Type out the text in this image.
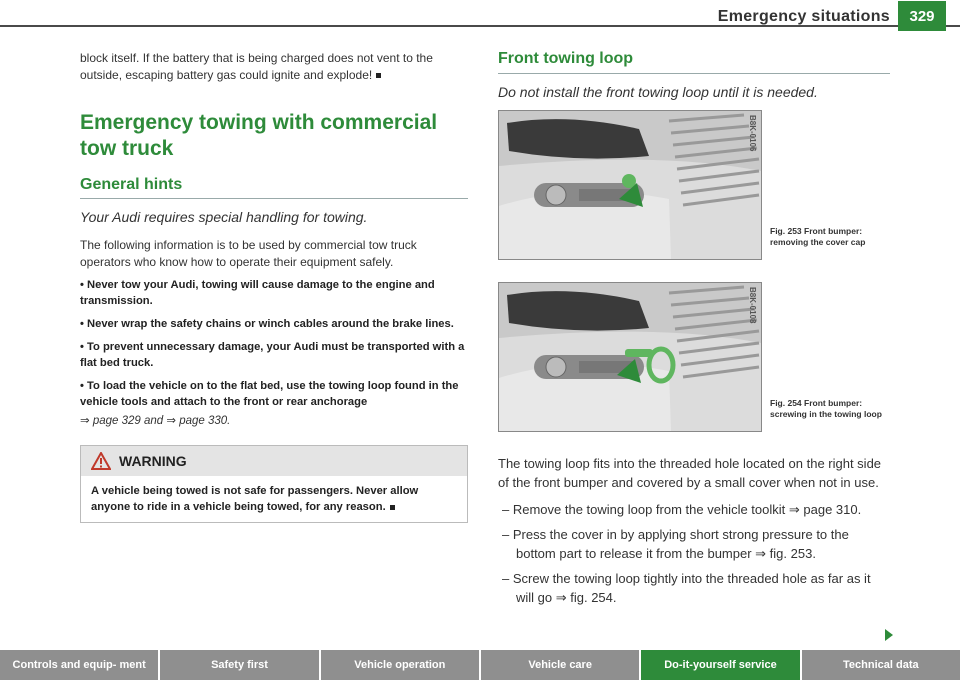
Emergency situations	329

block itself. If the battery that is being charged does not vent to the outside, escaping battery gas could ignite and explode!

Emergency towing with commercial tow truck
General hints
Your Audi requires special handling for towing.

The following information is to be used by commercial tow truck operators who know how to operate their equipment safely.

• Never tow your Audi, towing will cause damage to the engine and transmission.

• Never wrap the safety chains or winch cables around the brake lines.

• To prevent unnecessary damage, your Audi must be transported with a flat bed truck.

• To load the vehicle on to the flat bed, use the towing loop found in the vehicle tools and attach to the front or rear anchorage

⇒ page 329 and ⇒ page 330.

WARNING
A vehicle being towed is not safe for passengers. Never allow anyone to ride in a vehicle being towed, for any reason.
Front towing loop
Do not install the front towing loop until it is needed.
B8K-0106
Fig. 253 Front bumper: removing the cover cap
B8K-0108
Fig. 254 Front bumper: screwing in the towing loop

The towing loop fits into the threaded hole located on the right side of the front bumper and covered by a small cover when not in use.

– Remove the towing loop from the vehicle toolkit ⇒ page 310.

– Press the cover in by applying short strong pressure to the bottom part to release it from the bumper ⇒ fig. 253.

– Screw the towing loop tightly into the threaded hole as far as it will go ⇒ fig. 254.

Controls and equip- ment	Safety first	Vehicle operation	Vehicle care	Do-it-yourself service	Technical data
